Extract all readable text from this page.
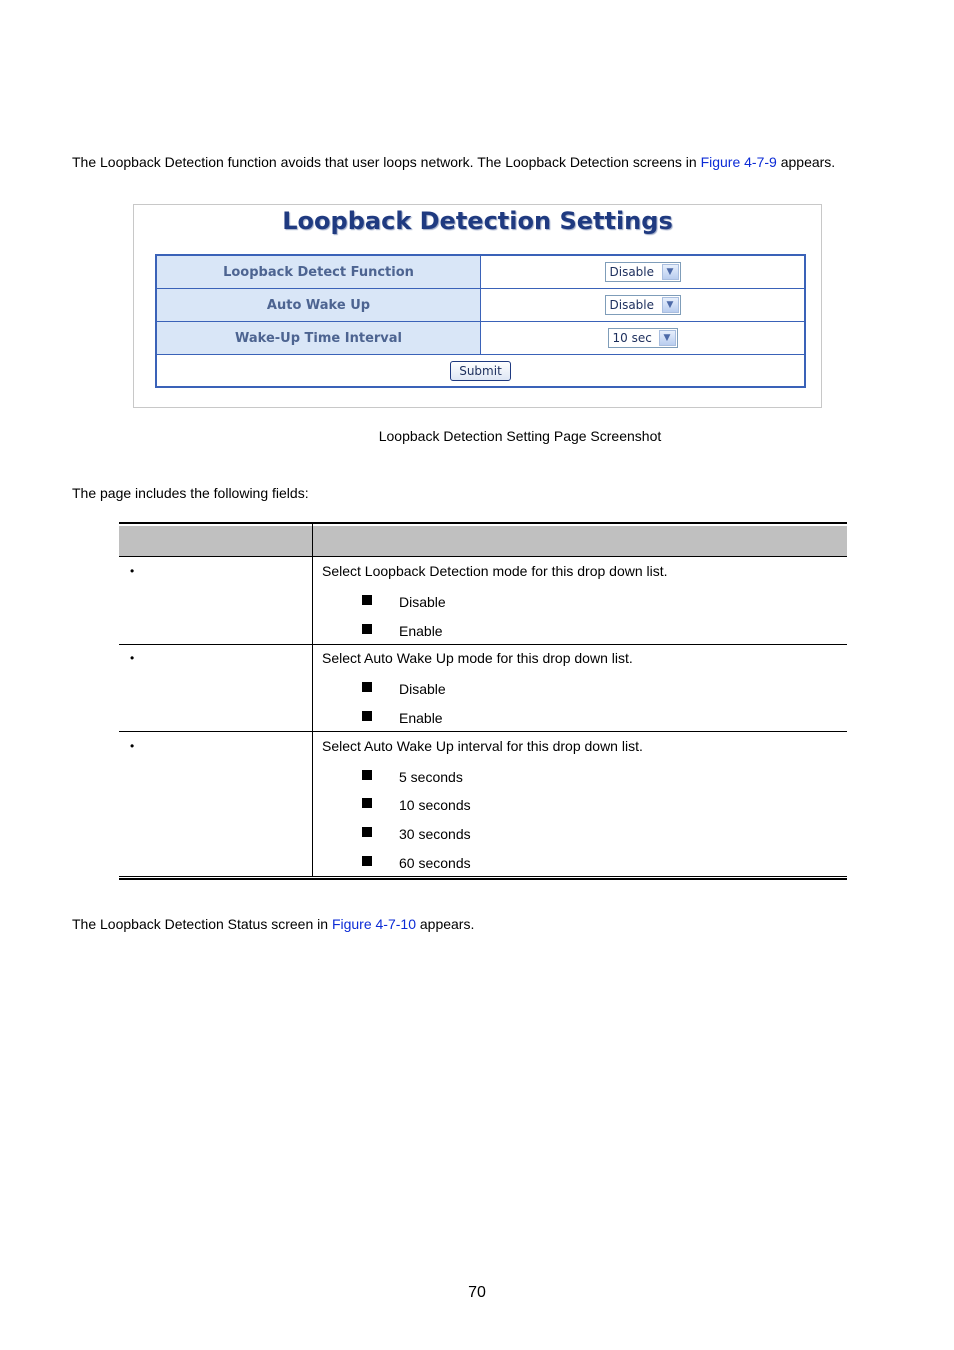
The Loopback Detection function avoids that user loops network. The Loopback Detection screens in Figure 4-7-9 appears.
Loopback Detection Settings
Loopback Detect Function	Disable	▼
Auto Wake Up	Disable	▼
Wake-Up Time Interval	10 sec	▼
Submit
Loopback Detection Setting Page Screenshot
The page includes the following fields:
•	Select Loopback Detection mode for this drop down list.
Disable
Enable
•	Select Auto Wake Up mode for this drop down list.
Disable
Enable
•	Select Auto Wake Up interval for this drop down list.
5 seconds
10 seconds
30 seconds
60 seconds
The Loopback Detection Status screen in Figure 4-7-10 appears.
70
